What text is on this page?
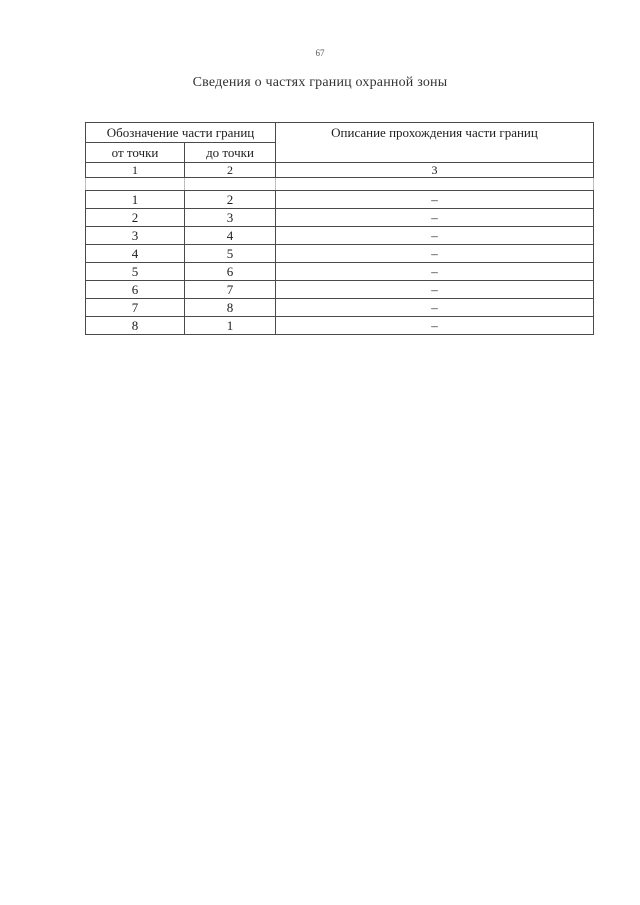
67
Сведения о частях границ охранной зоны
Обозначение части границ		Описание прохождения части границ
от точки	до точки	
1	2	3

1	2	–
2	3	–
3	4	–
4	5	–
5	6	–
6	7	–
7	8	–
8	1	–
